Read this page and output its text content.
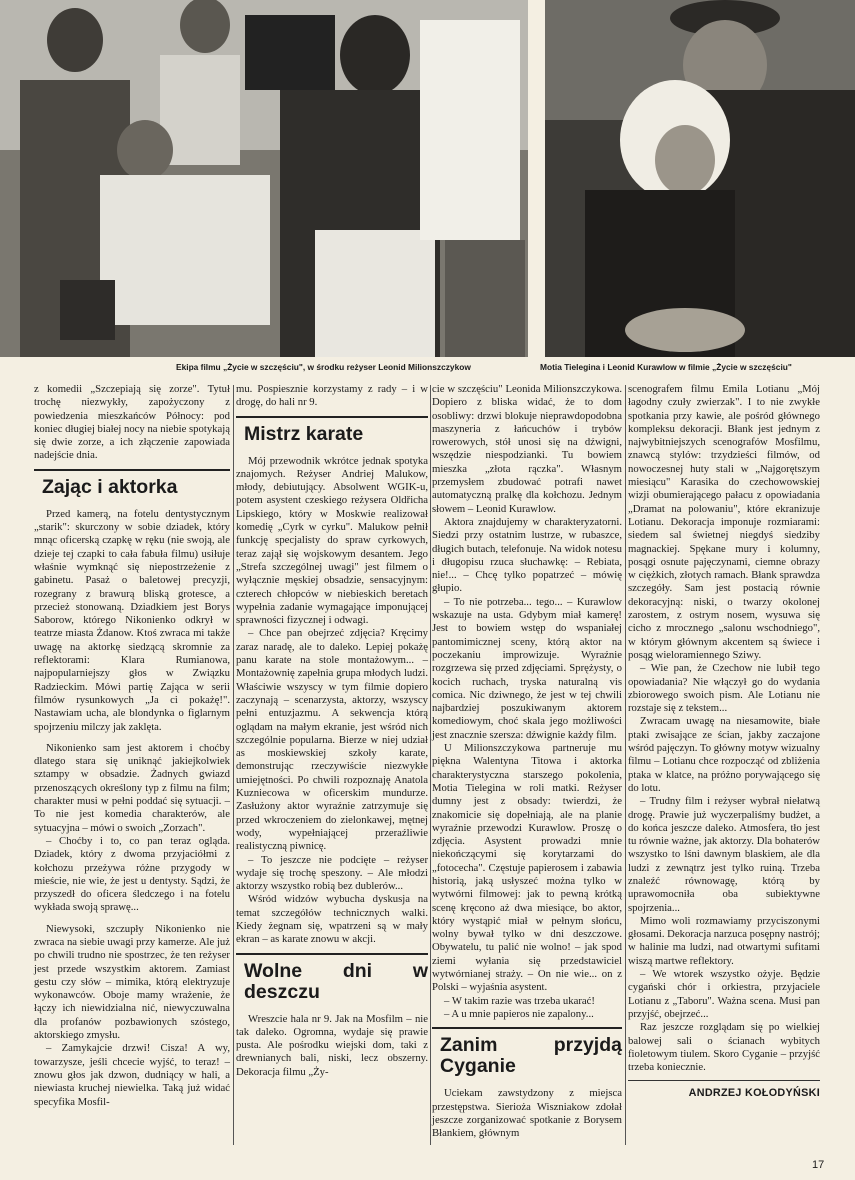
Ekipa filmu „Życie w szczęściu", w środku reżyser Leonid Milionszczykow	Motia Tielegina i Leonid Kurawlow w filmie „Życie w szczęściu"

z komedii „Szczepiają się zorze". Tytuł trochę niezwykły, zapożyczony z powiedzenia mieszkańców Północy: pod koniec długiej białej nocy na niebie spotykają się dwie zorze, a ich złączenie zapowiada nadejście dnia.

Zając i aktorka

Przed kamerą, na fotelu dentystycznym „starik": skurczony w sobie dziadek, który mnąc oficerską czapkę w ręku (nie swoją, ale dzieje tej czapki to cała fabuła filmu) usiłuje właśnie wymknąć się niepostrzeżenie z gabinetu. Pasaż o baletowej precyzji, rozegrany z brawurą bliską grotesce, a przecież stonowaną. Dziadkiem jest Borys Saborow, którego Nikonienko odkrył w teatrze miasta Żdanow. Ktoś zwraca mi także uwagę na aktorkę siedzącą skromnie za reflektorami: Klara Rumianowa, najpopularniejszy głos w Związku Radzieckim. Mówi partię Zająca w serii filmów rysunkowych „Ja ci pokażę!". Nastawiam ucha, ale blondynka o figlarnym spojrzeniu milczy jak zaklęta.

Nikonienko sam jest aktorem i choćby dlatego stara się uniknąć jakiejkolwiek sztampy w obsadzie. Żadnych gwiazd przenoszących określony typ z filmu na film; charakter musi w pełni poddać się sytuacji. – To nie jest komedia charakterów, ale sytuacyjna – mówi o swoich „Zorzach".

– Choćby i to, co pan teraz ogląda. Dziadek, który z dwoma przyjaciółmi z kołchozu przeżywa różne przygody w mieście, nie wie, że jest u dentysty. Sądzi, że przyszedł do oficera śledczego i na fotelu wykłada swoją sprawę...

Niewysoki, szczupły Nikonienko nie zwraca na siebie uwagi przy kamerze. Ale już po chwili trudno nie spostrzec, że ten reżyser jest przede wszystkim aktorem. Zamiast gestu czy słów – mimika, którą elektryzuje wykonawców. Oboje mamy wrażenie, że łączy ich niewidzialna nić, niewyczuwalna dla profanów pozbawionych szóstego, aktorskiego zmysłu.

– Zamykajcie drzwi! Cisza! A wy, towarzysze, jeśli chcecie wyjść, to teraz! – znowu głos jak dzwon, dudniący w hali, a niewiasta kruchej niewielka. Taką już widać specyfika Mosfil-

mu. Pospiesznie korzystamy z rady – i w drogę, do hali nr 9.

Mistrz karate

Mój przewodnik wkrótce jednak spotyka znajomych. Reżyser Andriej Malukow, młody, debiutujący. Absolwent WGIK-u, potem asystent czeskiego reżysera Oldřicha Lipskiego, który w Moskwie realizował komedię „Cyrk w cyrku". Malukow pełnił funkcję specjalisty do spraw cyrkowych, teraz zajął się wojskowym desantem. Jego „Strefa szczególnej uwagi" jest filmem o wyłącznie męskiej obsadzie, sensacyjnym: czterech chłopców w niebieskich beretach wypełnia zadanie wymagające imponującej sprawności fizycznej i odwagi.

– Chce pan obejrzeć zdjęcia? Kręcimy zaraz naradę, ale to daleko. Lepiej pokażę panu karate na stole montażowym... – Montażownię zapełnia grupa młodych ludzi. Właściwie wszyscy w tym filmie dopiero zaczynają – scenarzysta, aktorzy, wszyscy pełni entuzjazmu. A sekwencja którą oglądam na małym ekranie, jest wśród nich szczególnie popularna. Bierze w niej udział as moskiewskiej szkoły karate, demonstrując rzeczywiście niezwykłe umiejętności. Po chwili rozpoznaję Anatola Kuzniecowa w oficerskim mundurze. Zasłużony aktor wyraźnie zatrzymuje się przed wkroczeniem do zielonkawej, mętnej wody, wypełniającej przeraźliwie realistyczną piwnicę.

– To jeszcze nie podcięte – reżyser wydaje się trochę speszony. – Ale młodzi aktorzy wszystko robią bez dublerów...

Wśród widzów wybucha dyskusja na temat szczegółów technicznych walki. Kiedy żegnam się, wpatrzeni są w mały ekran – as karate znowu w akcji.

Wolne dni w deszczu

Wreszcie hala nr 9. Jak na Mosfilm – nie tak daleko. Ogromna, wydaje się prawie pusta. Ale pośrodku wiejski dom, taki z drewnianych bali, niski, lecz obszerny. Dekoracja filmu „Ży-

cie w szczęściu" Leonida Milionszczykowa. Dopiero z bliska widać, że to dom osobliwy: drzwi blokuje nieprawdopodobna maszyneria z łańcuchów i trybów rowerowych, stół unosi się na dźwigni, wszędzie niespodzianki. Tu bowiem mieszka „złota rączka". Własnym przemysłem zbudować potrafi nawet automatyczną pralkę dla kołchozu. Jednym słowem – Leonid Kurawlow.

Aktora znajdujemy w charakteryzatorni. Siedzi przy ostatnim lustrze, w rubaszce, długich butach, telefonuje. Na widok notesu i długopisu rzuca słuchawkę: – Rebiata, nie!... – Chcę tylko popatrzeć – mówię głupio.

– To nie potrzeba... tego... – Kurawlow wskazuje na usta. Gdybym miał kamerę! Jest to bowiem wstęp do wspaniałej pantomimicznej sceny, którą aktor na poczekaniu improwizuje. Wyraźnie rozgrzewa się przed zdjęciami. Sprężysty, o kocich ruchach, tryska naturalną vis comica. Nic dziwnego, że jest w tej chwili najbardziej poszukiwanym aktorem komediowym, choć skala jego możliwości jest znacznie szersza: dźwignie każdy film.

U Milionszczykowa partneruje mu piękna Walentyna Titowa i aktorka charakterystyczna starszego pokolenia, Motia Tielegina w roli matki. Reżyser dumny jest z obsady: twierdzi, że znakomicie się dopełniają, ale na planie wyraźnie przewodzi Kurawlow. Proszę o zdjęcia. Asystent prowadzi mnie niekończącymi się korytarzami do „fotocecha". Częstuje papierosem i zabawia historią, jaką usłyszeć można tylko w wytwórni filmowej: jak to pewną krótką scenę kręcono aż dwa miesiące, bo aktor, który wystąpić miał w pełnym słońcu, wolny bywał tylko w dni deszczowe. Obywatelu, tu palić nie wolno! – jak spod ziemi wyłania się przedstawiciel wytwórnianej straży. – On nie wie... on z Polski – wyjaśnia asystent.

– W takim razie was trzeba ukarać!

– A u mnie papieros nie zapalony...

Zanim przyjdą Cyganie

Uciekam zawstydzony z miejsca przestępstwa. Sieriożа Wiszniakow zdołał jeszcze zorganizować spotkanie z Borysem Błankiem, głównym

scenografem filmu Emila Lotianu „Mój łagodny czuły zwierzak". I to nie zwykłe spotkania przy kawie, ale pośród głównego kompleksu dekoracji. Błank jest jednym z najwybitniejszych scenografów Mosfilmu, znawcą stylów: trzydzieści filmów, od nowoczesnej huty stali w „Najgorętszym miesiącu" Karasika do czechowowskiej wizji obumierającego pałacu z opowiadania „Dramat na polowaniu", które ekranizuje Lotianu. Dekoracja imponuje rozmiarami: siedem sal świetnej niegdyś siedziby magnackiej. Spękane mury i kolumny, posągi osnute pajęczynami, ciemne obrazy w ciężkich, złotych ramach. Błank sprawdza szczegóły. Sam jest postacią równie dekoracyjną: niski, o twarzy okolonej zarostem, z ostrym nosem, wysuwa się cicho z mrocznego „salonu wschodniego", w którym głównym akcentem są świece i posąg wieloramiennego Sziwy.

– Wie pan, że Czechow nie lubił tego opowiadania? Nie włączył go do wydania zbiorowego swoich pism. Ale Lotianu nie rozstaje się z tekstem...

Zwracam uwagę na niesamowite, białe ptaki zwisające ze ścian, jakby zaczajone wśród pajęczyn. To główny motyw wizualny filmu – Lotianu chce rozpocząć od zbliżenia ptaka w klatce, na próżno porywającego się do lotu.

– Trudny film i reżyser wybrał niełatwą drogę. Prawie już wyczerpaliśmy budżet, a do końca jeszcze daleko. Atmosfera, tło jest tu równie ważne, jak aktorzy. Dla bohaterów wszystko to lśni dawnym blaskiem, ale dla ludzi z zewnątrz jest tylko ruiną. Trzeba znaleźć równowagę, którą by uprawomocniła oba subiektywne spojrzenia...

Mimo woli rozmawiamy przyciszonymi głosami. Dekoracja narzuca posępny nastrój; w halinie ma ludzi, nad otwartymi sufitami wiszą martwe reflektory.

– We wtorek wszystko ożyje. Będzie cygański chór i orkiestra, przyjaciele Lotianu z „Taboru". Ważna scena. Musi pan przyjść, obejrzeć...

Raz jeszcze rozglądam się po wielkiej balowej sali o ścianach wybitych fioletowym tiulem. Skoro Cyganie – przyjść trzeba koniecznie.

ANDRZEJ KOŁODYŃSKI
17
